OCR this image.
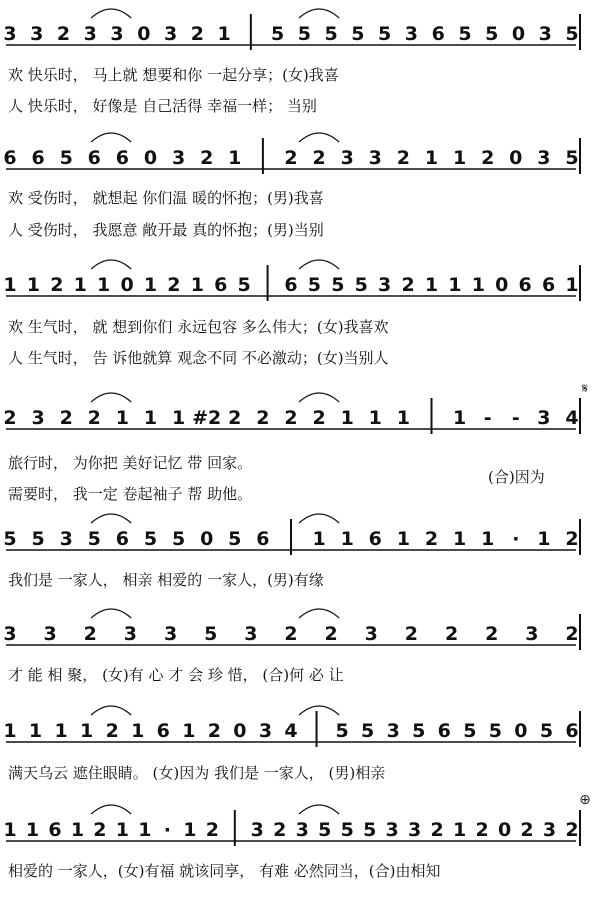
3 3 2 3 3 0 3 2 1 5 5 5 5 5 3 6 5 5 0 3 5
6 6 5 6 6 0 3 2 1 2 2 3 3 2 1 1 2 0 3 5
1 1 2 1 1 0 1 2 1 6 5 6 5 5 5 3 2 1 1 1 0 6 6 1
2 3 2 2 1 1 1 #2 2 2 2 2 1 1 1 1 - - 3 4
5 5 3 5 6 5 5 0 5 6 1 1 6 1 2 1 1 · 1 2
3 3 2 3 3 5 3 2 2 3 2 2 2 3 2
1 1 1 1 2 1 6 1 2 0 3 4 5 5 3 5 6 5 5 0 5 6
1 1 6 1 2 1 1 · 1 2 3 2 3 5 5 5 3 3 2 1 2 0 2 3 2
欢 快乐时， 马上就 想要和你 一起分享；(女)我喜
人 快乐时， 好像是 自己活得 幸福一样； 当别
欢 受伤时， 就想起 你们温 暖的怀抱；(男)我喜
人 受伤时， 我愿意 敞开最 真的怀抱；(男)当别
欢 生气时， 就 想到你们 永远包容 多么伟大；(女)我喜欢
人 生气时， 告 诉他就算 观念不同 不必激动；(女)当别人
旅行时， 为你把 美好记忆 带 回家。
需要时， 我一定 卷起袖子 帮 助他。
(合)因为
𝄋
我们是 一家人， 相亲 相爱的 一家人，(男)有缘
才 能 相 聚， (女)有 心 才 会 珍 惜， (合)何 必 让
满天乌云 遮住眼睛。 (女)因为 我们是 一家人， (男)相亲
相爱的 一家人，(女)有福 就该同享， 有难 必然同当，(合)由相知
⊕
